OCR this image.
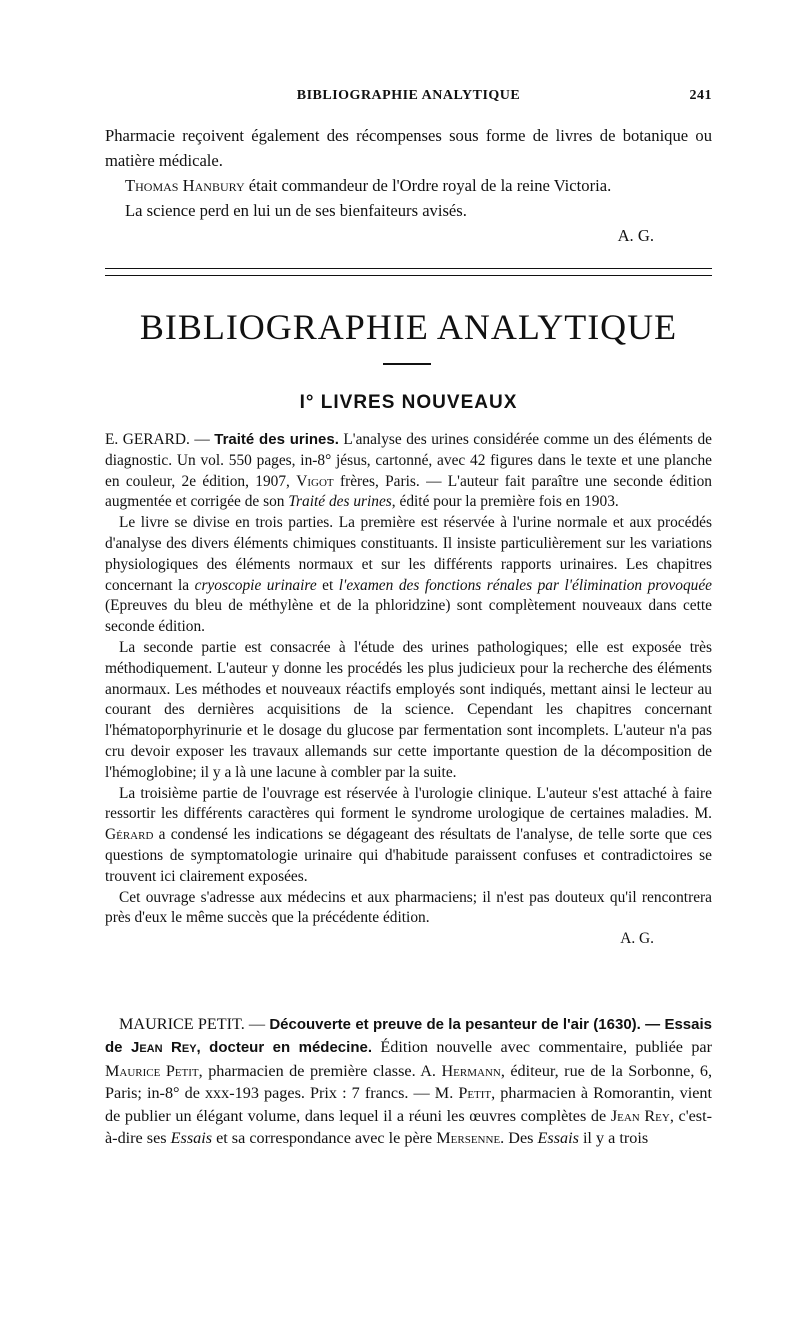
BIBLIOGRAPHIE ANALYTIQUE	241

Pharmacie reçoivent également des récompenses sous forme de livres de botanique ou matière médicale.

Thomas Hanbury était commandeur de l'Ordre royal de la reine Victoria.

La science perd en lui un de ses bienfaiteurs avisés.

A. G.

BIBLIOGRAPHIE ANALYTIQUE
I° LIVRES NOUVEAUX

E. GERARD. — Traité des urines. L'analyse des urines considérée comme un des éléments de diagnostic. Un vol. 550 pages, in-8° jésus, cartonné, avec 42 figures dans le texte et une planche en couleur, 2e édition, 1907, Vigot frères, Paris. — L'auteur fait paraître une seconde édition augmentée et corrigée de son Traité des urines, édité pour la première fois en 1903.

Le livre se divise en trois parties. La première est réservée à l'urine normale et aux procédés d'analyse des divers éléments chimiques constituants. Il insiste particulièrement sur les variations physiologiques des éléments normaux et sur les différents rapports urinaires. Les chapitres concernant la cryoscopie urinaire et l'examen des fonctions rénales par l'élimination provoquée (Epreuves du bleu de méthylène et de la phloridzine) sont complètement nouveaux dans cette seconde édition.

La seconde partie est consacrée à l'étude des urines pathologiques; elle est exposée très méthodiquement. L'auteur y donne les procédés les plus judicieux pour la recherche des éléments anormaux. Les méthodes et nouveaux réactifs employés sont indiqués, mettant ainsi le lecteur au courant des dernières acquisitions de la science. Cependant les chapitres concernant l'hématoporphyrinurie et le dosage du glucose par fermentation sont incomplets. L'auteur n'a pas cru devoir exposer les travaux allemands sur cette importante question de la décomposition de l'hémoglobine; il y a là une lacune à combler par la suite.

La troisième partie de l'ouvrage est réservée à l'urologie clinique. L'auteur s'est attaché à faire ressortir les différents caractères qui forment le syndrome urologique de certaines maladies. M. Gérard a condensé les indications se dégageant des résultats de l'analyse, de telle sorte que ces questions de symptomatologie urinaire qui d'habitude paraissent confuses et contradictoires se trouvent ici clairement exposées.

Cet ouvrage s'adresse aux médecins et aux pharmaciens; il n'est pas douteux qu'il rencontrera près d'eux le même succès que la précédente édition.

A. G.

MAURICE PETIT. — Découverte et preuve de la pesanteur de l'air (1630). — Essais de Jean Rey, docteur en médecine. Édition nouvelle avec commentaire, publiée par Maurice Petit, pharmacien de première classe. A. Hermann, éditeur, rue de la Sorbonne, 6, Paris; in-8° de xxx-193 pages. Prix : 7 francs. — M. Petit, pharmacien à Romorantin, vient de publier un élégant volume, dans lequel il a réuni les œuvres complètes de Jean Rey, c'est-à-dire ses Essais et sa correspondance avec le père Mersenne. Des Essais il y a trois
